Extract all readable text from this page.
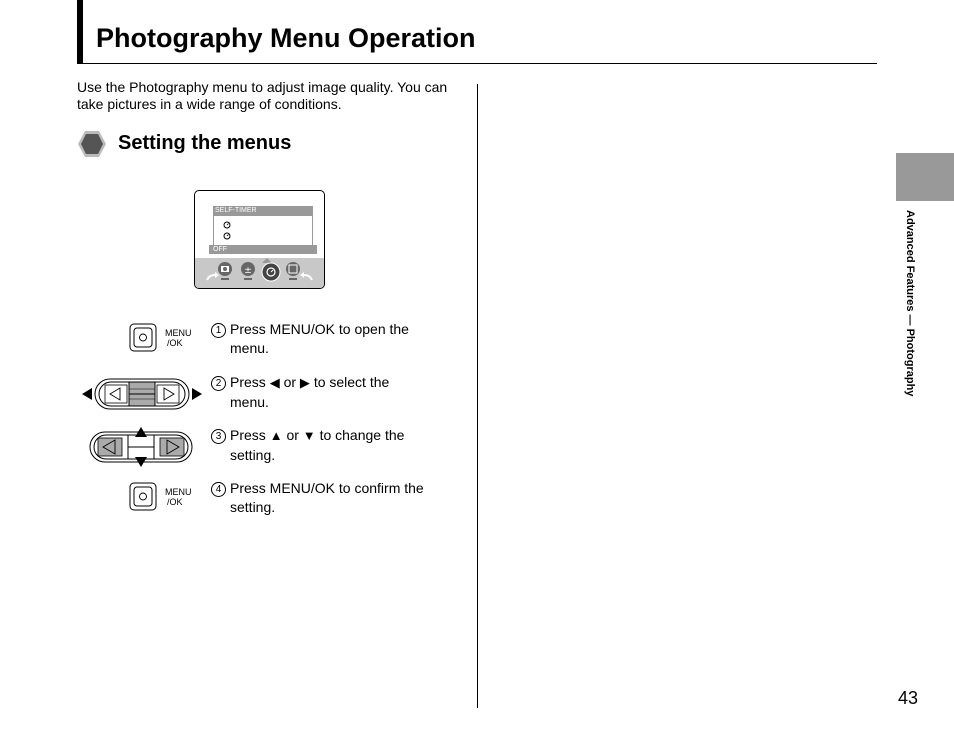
Photography Menu Operation
Use the Photography menu to adjust image quality. You can take pictures in a wide range of conditions.
Setting the menus
SELF-TIMER
OFF
±
MENU
/OK
1 Press MENU/OK to open the
menu.
2 Press ◀ or ▶ to select the
menu.
3 Press ▲ or ▼ to change the
setting.
MENU
/OK
4 Press MENU/OK to confirm the
setting.
Advanced Features — Photography
43
